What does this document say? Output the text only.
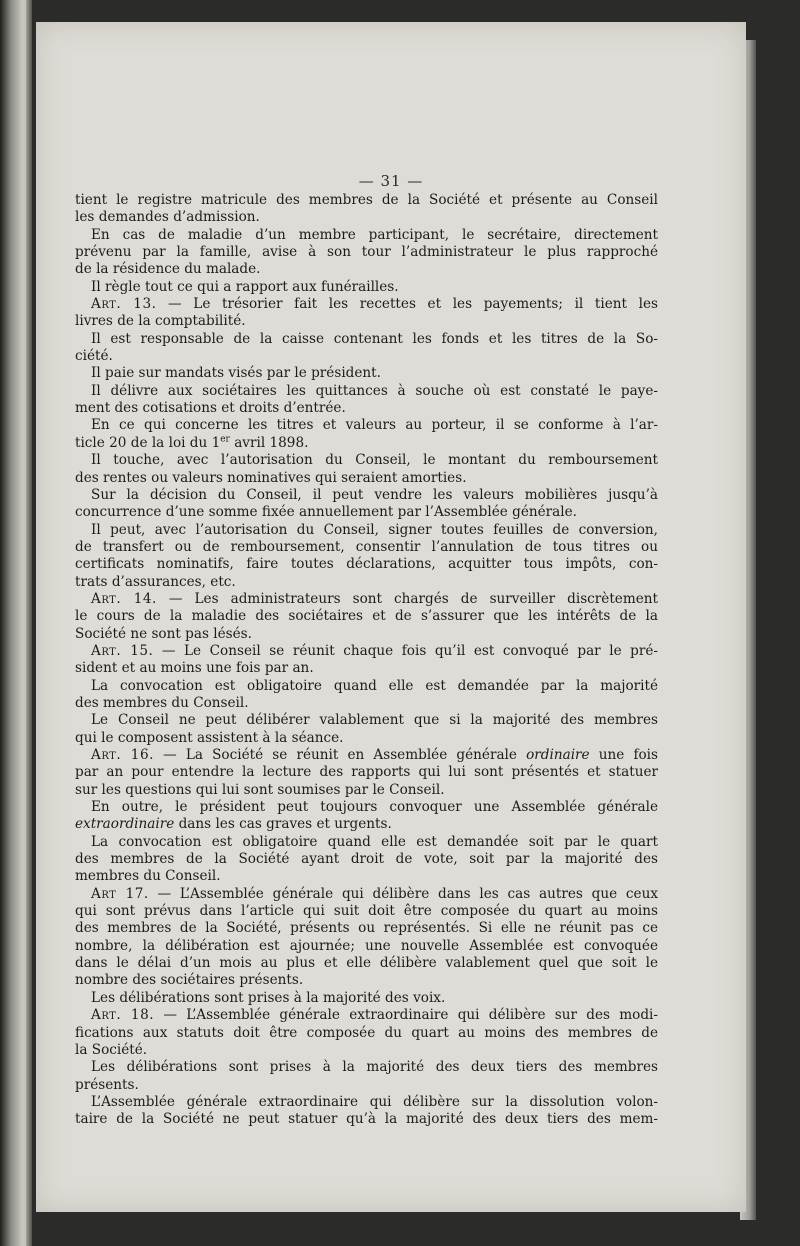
— 31 —
tient le registre matricule des membres de la Société et présente au Conseil
les demandes d’admission.
En cas de maladie d’un membre participant, le secrétaire, directement
prévenu par la famille, avise à son tour l’administrateur le plus rapproché
de la résidence du malade.
Il règle tout ce qui a rapport aux funérailles.
Art. 13. — Le trésorier fait les recettes et les payements; il tient les
livres de la comptabilité.
Il est responsable de la caisse contenant les fonds et les titres de la So-
ciété.
Il paie sur mandats visés par le président.
Il délivre aux sociétaires les quittances à souche où est constaté le paye-
ment des cotisations et droits d’entrée.
En ce qui concerne les titres et valeurs au porteur, il se conforme à l’ar-
ticle 20 de la loi du 1er avril 1898.
Il touche, avec l’autorisation du Conseil, le montant du remboursement
des rentes ou valeurs nominatives qui seraient amorties.
Sur la décision du Conseil, il peut vendre les valeurs mobilières jusqu’à
concurrence d’une somme fixée annuellement par l’Assemblée générale.
Il peut, avec l’autorisation du Conseil, signer toutes feuilles de conversion,
de transfert ou de remboursement, consentir l’annulation de tous titres ou
certificats nominatifs, faire toutes déclarations, acquitter tous impôts, con-
trats d’assurances, etc.
Art. 14. — Les administrateurs sont chargés de surveiller discrètement
le cours de la maladie des sociétaires et de s’assurer que les intérêts de la
Société ne sont pas lésés.
Art. 15. — Le Conseil se réunit chaque fois qu’il est convoqué par le pré-
sident et au moins une fois par an.
La convocation est obligatoire quand elle est demandée par la majorité
des membres du Conseil.
Le Conseil ne peut délibérer valablement que si la majorité des membres
qui le composent assistent à la séance.
Art. 16. — La Société se réunit en Assemblée générale ordinaire une fois
par an pour entendre la lecture des rapports qui lui sont présentés et statuer
sur les questions qui lui sont soumises par le Conseil.
En outre, le président peut toujours convoquer une Assemblée générale
extraordinaire dans les cas graves et urgents.
La convocation est obligatoire quand elle est demandée soit par le quart
des membres de la Société ayant droit de vote, soit par la majorité des
membres du Conseil.
Art 17. — L’Assemblée générale qui délibère dans les cas autres que ceux
qui sont prévus dans l’article qui suit doit être composée du quart au moins
des membres de la Société, présents ou représentés. Si elle ne réunit pas ce
nombre, la délibération est ajournée; une nouvelle Assemblée est convoquée
dans le délai d’un mois au plus et elle délibère valablement quel que soit le
nombre des sociétaires présents.
Les délibérations sont prises à la majorité des voix.
Art. 18. — L’Assemblée générale extraordinaire qui délibère sur des modi-
fications aux statuts doit être composée du quart au moins des membres de
la Société.
Les délibérations sont prises à la majorité des deux tiers des membres
présents.
L’Assemblée générale extraordinaire qui délibère sur la dissolution volon-
taire de la Société ne peut statuer qu’à la majorité des deux tiers des mem-
